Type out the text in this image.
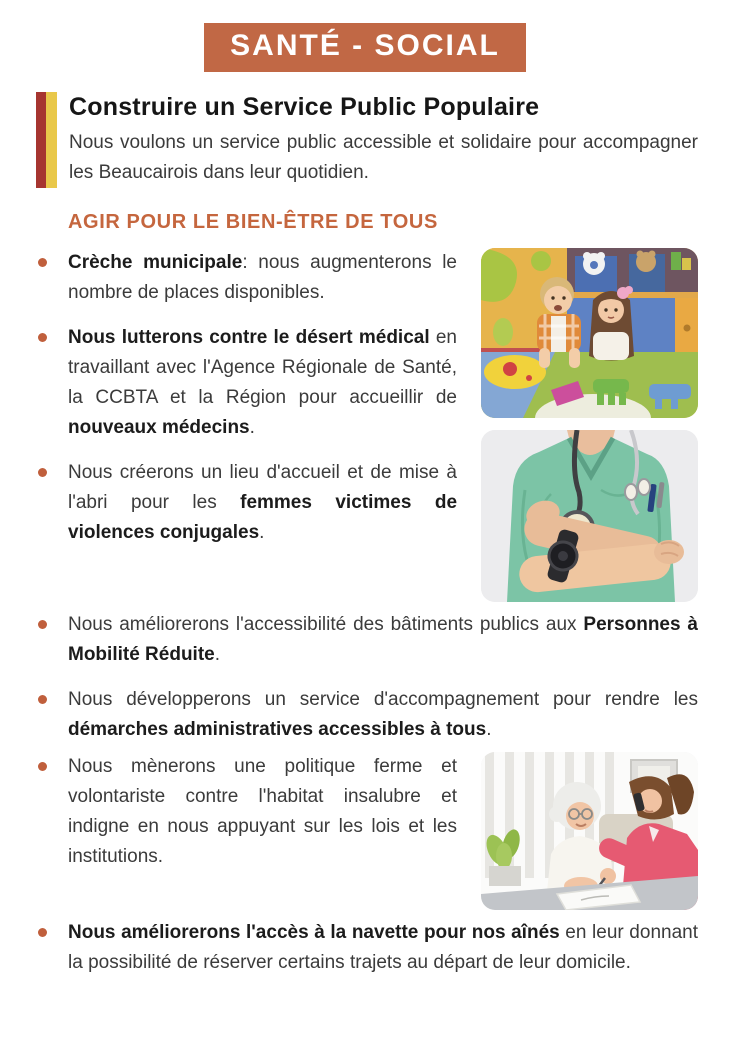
SANTÉ - SOCIAL
Construire un Service Public Populaire

Nous voulons un service public accessible et solidaire pour accompagner les Beaucairois dans leur quotidien.

AGIR POUR LE BIEN-ÊTRE DE TOUS
Crèche municipale: nous augmenterons le nombre de places disponibles.
Nous lutterons contre le désert médical en travaillant avec l'Agence Régionale de Santé, la CCBTA et la Région pour accueillir de nouveaux médecins.
Nous créerons un lieu d'accueil et de mise à l'abri pour les femmes victimes de violences conjugales.
Nous améliorerons l'accessibilité des bâtiments publics aux Personnes à Mobilité Réduite.
Nous développerons un service d'accompagnement pour rendre les démarches administratives accessibles à tous.
Nous mènerons une politique ferme et volontariste contre l'habitat insalubre et indigne en nous appuyant sur les lois et les institutions.
Nous améliorerons l'accès à la navette pour nos aînés en leur donnant la possibilité de réserver certains trajets au départ de leur domicile.
